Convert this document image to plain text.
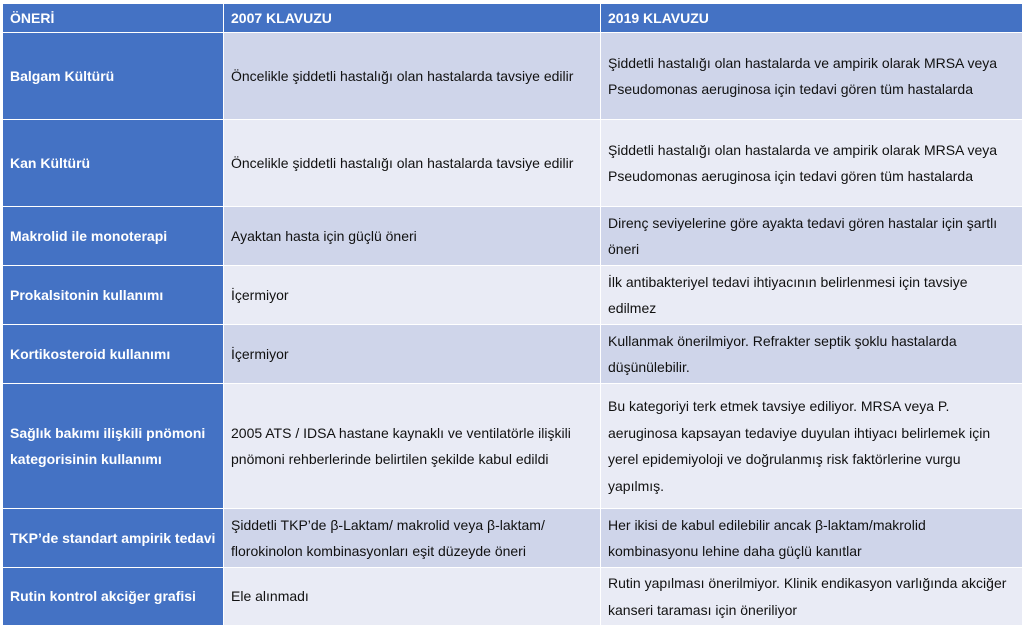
ÖNERİ	2007 KLAVUZU	2019 KLAVUZU
Balgam Kültürü	Öncelikle şiddetli hastalığı olan hastalarda tavsiye edilir	Şiddetli hastalığı olan hastalarda ve ampirik olarak MRSA veya Pseudomonas aeruginosa için tedavi gören tüm hastalarda
Kan Kültürü	Öncelikle şiddetli hastalığı olan hastalarda tavsiye edilir	Şiddetli hastalığı olan hastalarda ve ampirik olarak MRSA veya Pseudomonas aeruginosa için tedavi gören tüm hastalarda
Makrolid ile monoterapi	Ayaktan hasta için güçlü öneri	Direnç seviyelerine göre ayakta tedavi gören hastalar için şartlı öneri
Prokalsitonin kullanımı	İçermiyor	İlk antibakteriyel tedavi ihtiyacının belirlenmesi için tavsiye edilmez
Kortikosteroid kullanımı	İçermiyor	Kullanmak önerilmiyor. Refrakter septik şoklu hastalarda düşünülebilir.
Sağlık bakımı ilişkili pnömoni kategorisinin kullanımı	2005 ATS / IDSA hastane kaynaklı ve ventilatörle ilişkili pnömoni rehberlerinde belirtilen şekilde kabul edildi	Bu kategoriyi terk etmek tavsiye ediliyor. MRSA veya P. aeruginosa kapsayan tedaviye duyulan ihtiyacı belirlemek için yerel epidemiyoloji ve doğrulanmış risk faktörlerine vurgu yapılmış.
TKP’de standart ampirik tedavi	Şiddetli TKP’de β-Laktam/ makrolid veya β-laktam/ florokinolon kombinasyonları eşit düzeyde öneri	Her ikisi de kabul edilebilir ancak β-laktam/makrolid kombinasyonu lehine daha güçlü kanıtlar
Rutin kontrol akciğer grafisi	Ele alınmadı	Rutin yapılması önerilmiyor. Klinik endikasyon varlığında akciğer kanseri taraması için öneriliyor
